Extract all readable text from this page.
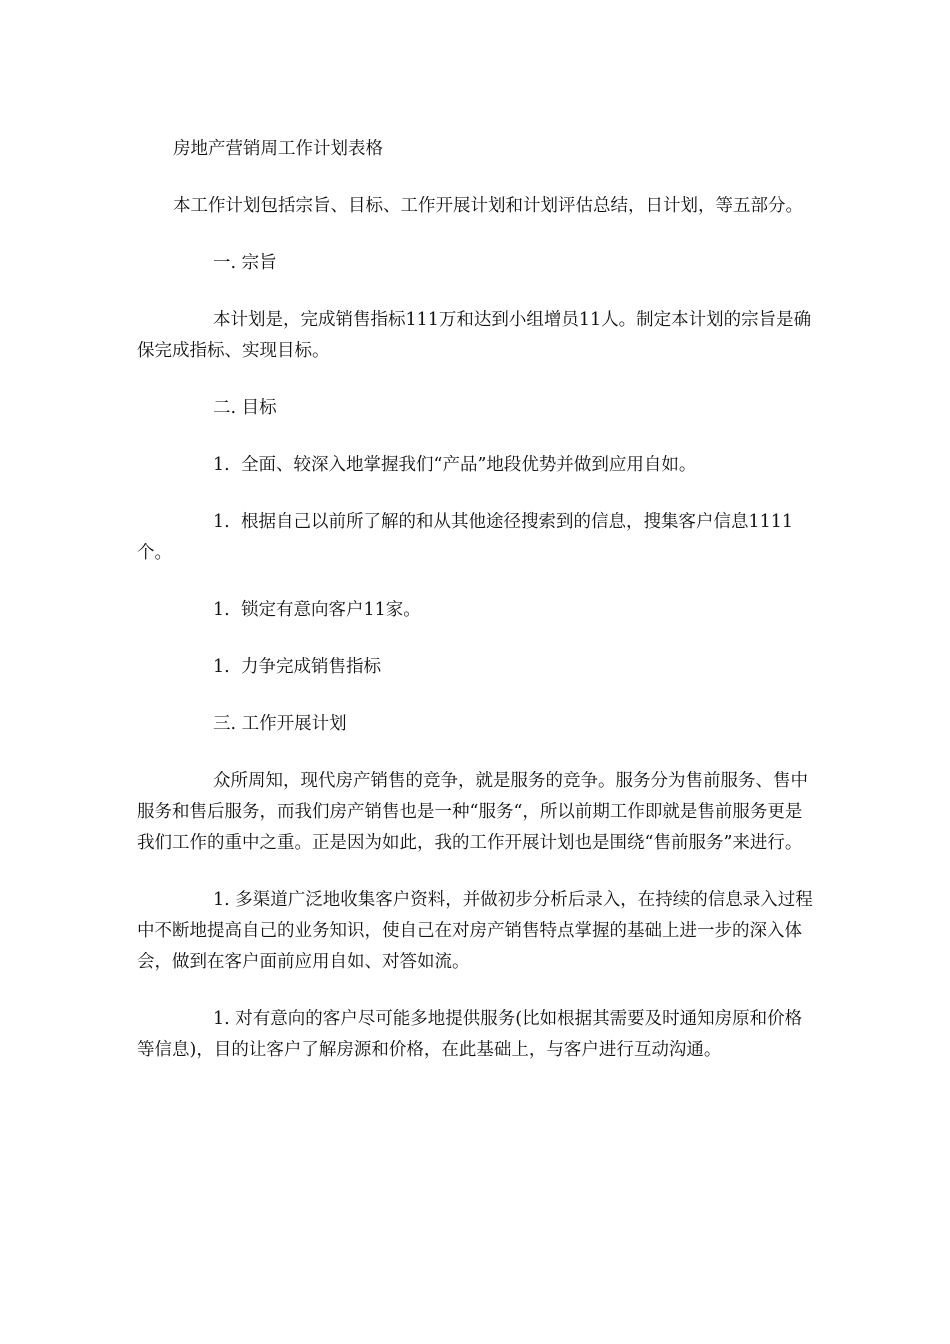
房地产营销周工作计划表格

本工作计划包括宗旨、目标、工作开展计划和计划评估总结，日计划，等五部分。

一. 宗旨

本计划是，完成销售指标111万和达到小组增员11人。制定本计划的宗旨是确保完成指标、实现目标。

二. 目标

1. 全面、较深入地掌握我们“产品”地段优势并做到应用自如。

1. 根据自己以前所了解的和从其他途径搜索到的信息，搜集客户信息1111个。

1. 锁定有意向客户11家。

1. 力争完成销售指标

三. 工作开展计划

众所周知，现代房产销售的竞争，就是服务的竞争。服务分为售前服务、售中服务和售后服务，而我们房产销售也是一种“服务“，所以前期工作即就是售前服务更是我们工作的重中之重。正是因为如此，我的工作开展计划也是围绕“售前服务”来进行。

1. 多渠道广泛地收集客户资料，并做初步分析后录入，在持续的信息录入过程中不断地提高自己的业务知识，使自己在对房产销售特点掌握的基础上进一步的深入体会，做到在客户面前应用自如、对答如流。

1. 对有意向的客户尽可能多地提供服务(比如根据其需要及时通知房原和价格等信息)，目的让客户了解房源和价格，在此基础上，与客户进行互动沟通。
